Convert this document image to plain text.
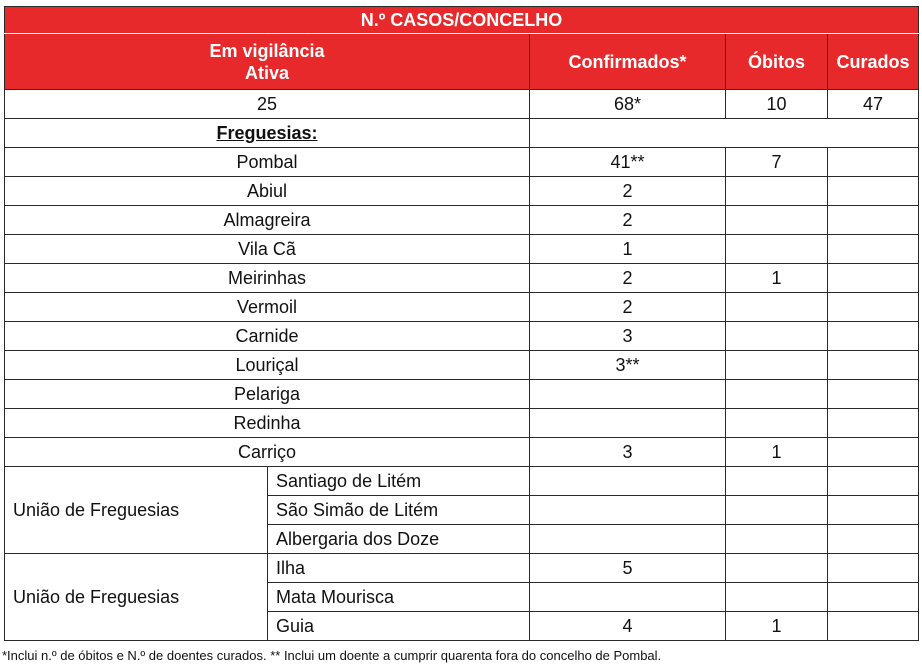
N.º CASOS/CONCELHO				

Em vigilância Ativa		Confirmados*	Óbitos	Curados
25		68*	10	47
Freguesias:				
Pombal		41**	7	
Abiul		2		
Almagreira		2		
Vila Cã		1		
Meirinhas		2	1	
Vermoil		2		
Carnide		3		
Louriçal		3**		
Pelariga				
Redinha				
Carriço		3	1	
União de Freguesias	Santiago de Litém			
	São Simão de Litém			
	Albergaria dos Doze			
União de Freguesias	Ilha	5		
	Mata Mourisca			
	Guia	4	1	
*Inclui n.º de óbitos e N.º de doentes curados. ** Inclui um doente a cumprir quarenta fora do concelho de Pombal.
